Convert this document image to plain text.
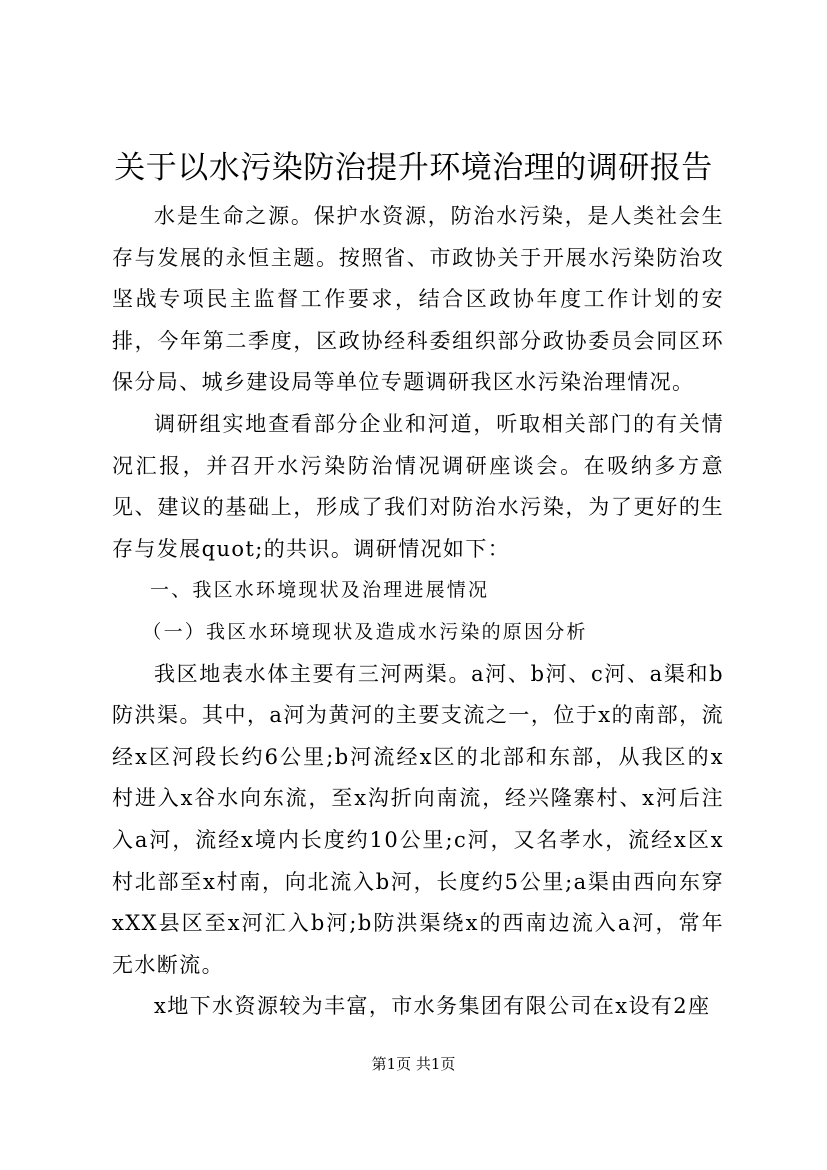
关于以水污染防治提升环境治理的调研报告

水是生命之源。保护水资源，防治水污染，是人类社会生存与发展的永恒主题。按照省、市政协关于开展水污染防治攻坚战专项民主监督工作要求，结合区政协年度工作计划的安排，今年第二季度，区政协经科委组织部分政协委员会同区环保分局、城乡建设局等单位专题调研我区水污染治理情况。

调研组实地查看部分企业和河道，听取相关部门的有关情况汇报，并召开水污染防治情况调研座谈会。在吸纳多方意见、建议的基础上，形成了我们对防治水污染，为了更好的生存与发展quot;的共识。调研情况如下：

一、我区水环境现状及治理进展情况

（一）我区水环境现状及造成水污染的原因分析

我区地表水体主要有三河两渠。a河、b河、c河、a渠和b防洪渠。其中，a河为黄河的主要支流之一，位于x的南部，流经x区河段长约6公里;b河流经x区的北部和东部，从我区的x村进入x谷水向东流，至x沟折向南流，经兴隆寨村、x河后注入a河，流经x境内长度约10公里;c河，又名孝水，流经x区x村北部至x村南，向北流入b河，长度约5公里;a渠由西向东穿xXX县区至x河汇入b河;b防洪渠绕x的西南边流入a河，常年无水断流。

x地下水资源较为丰富，市水务集团有限公司在x设有2座

第1页 共1页
